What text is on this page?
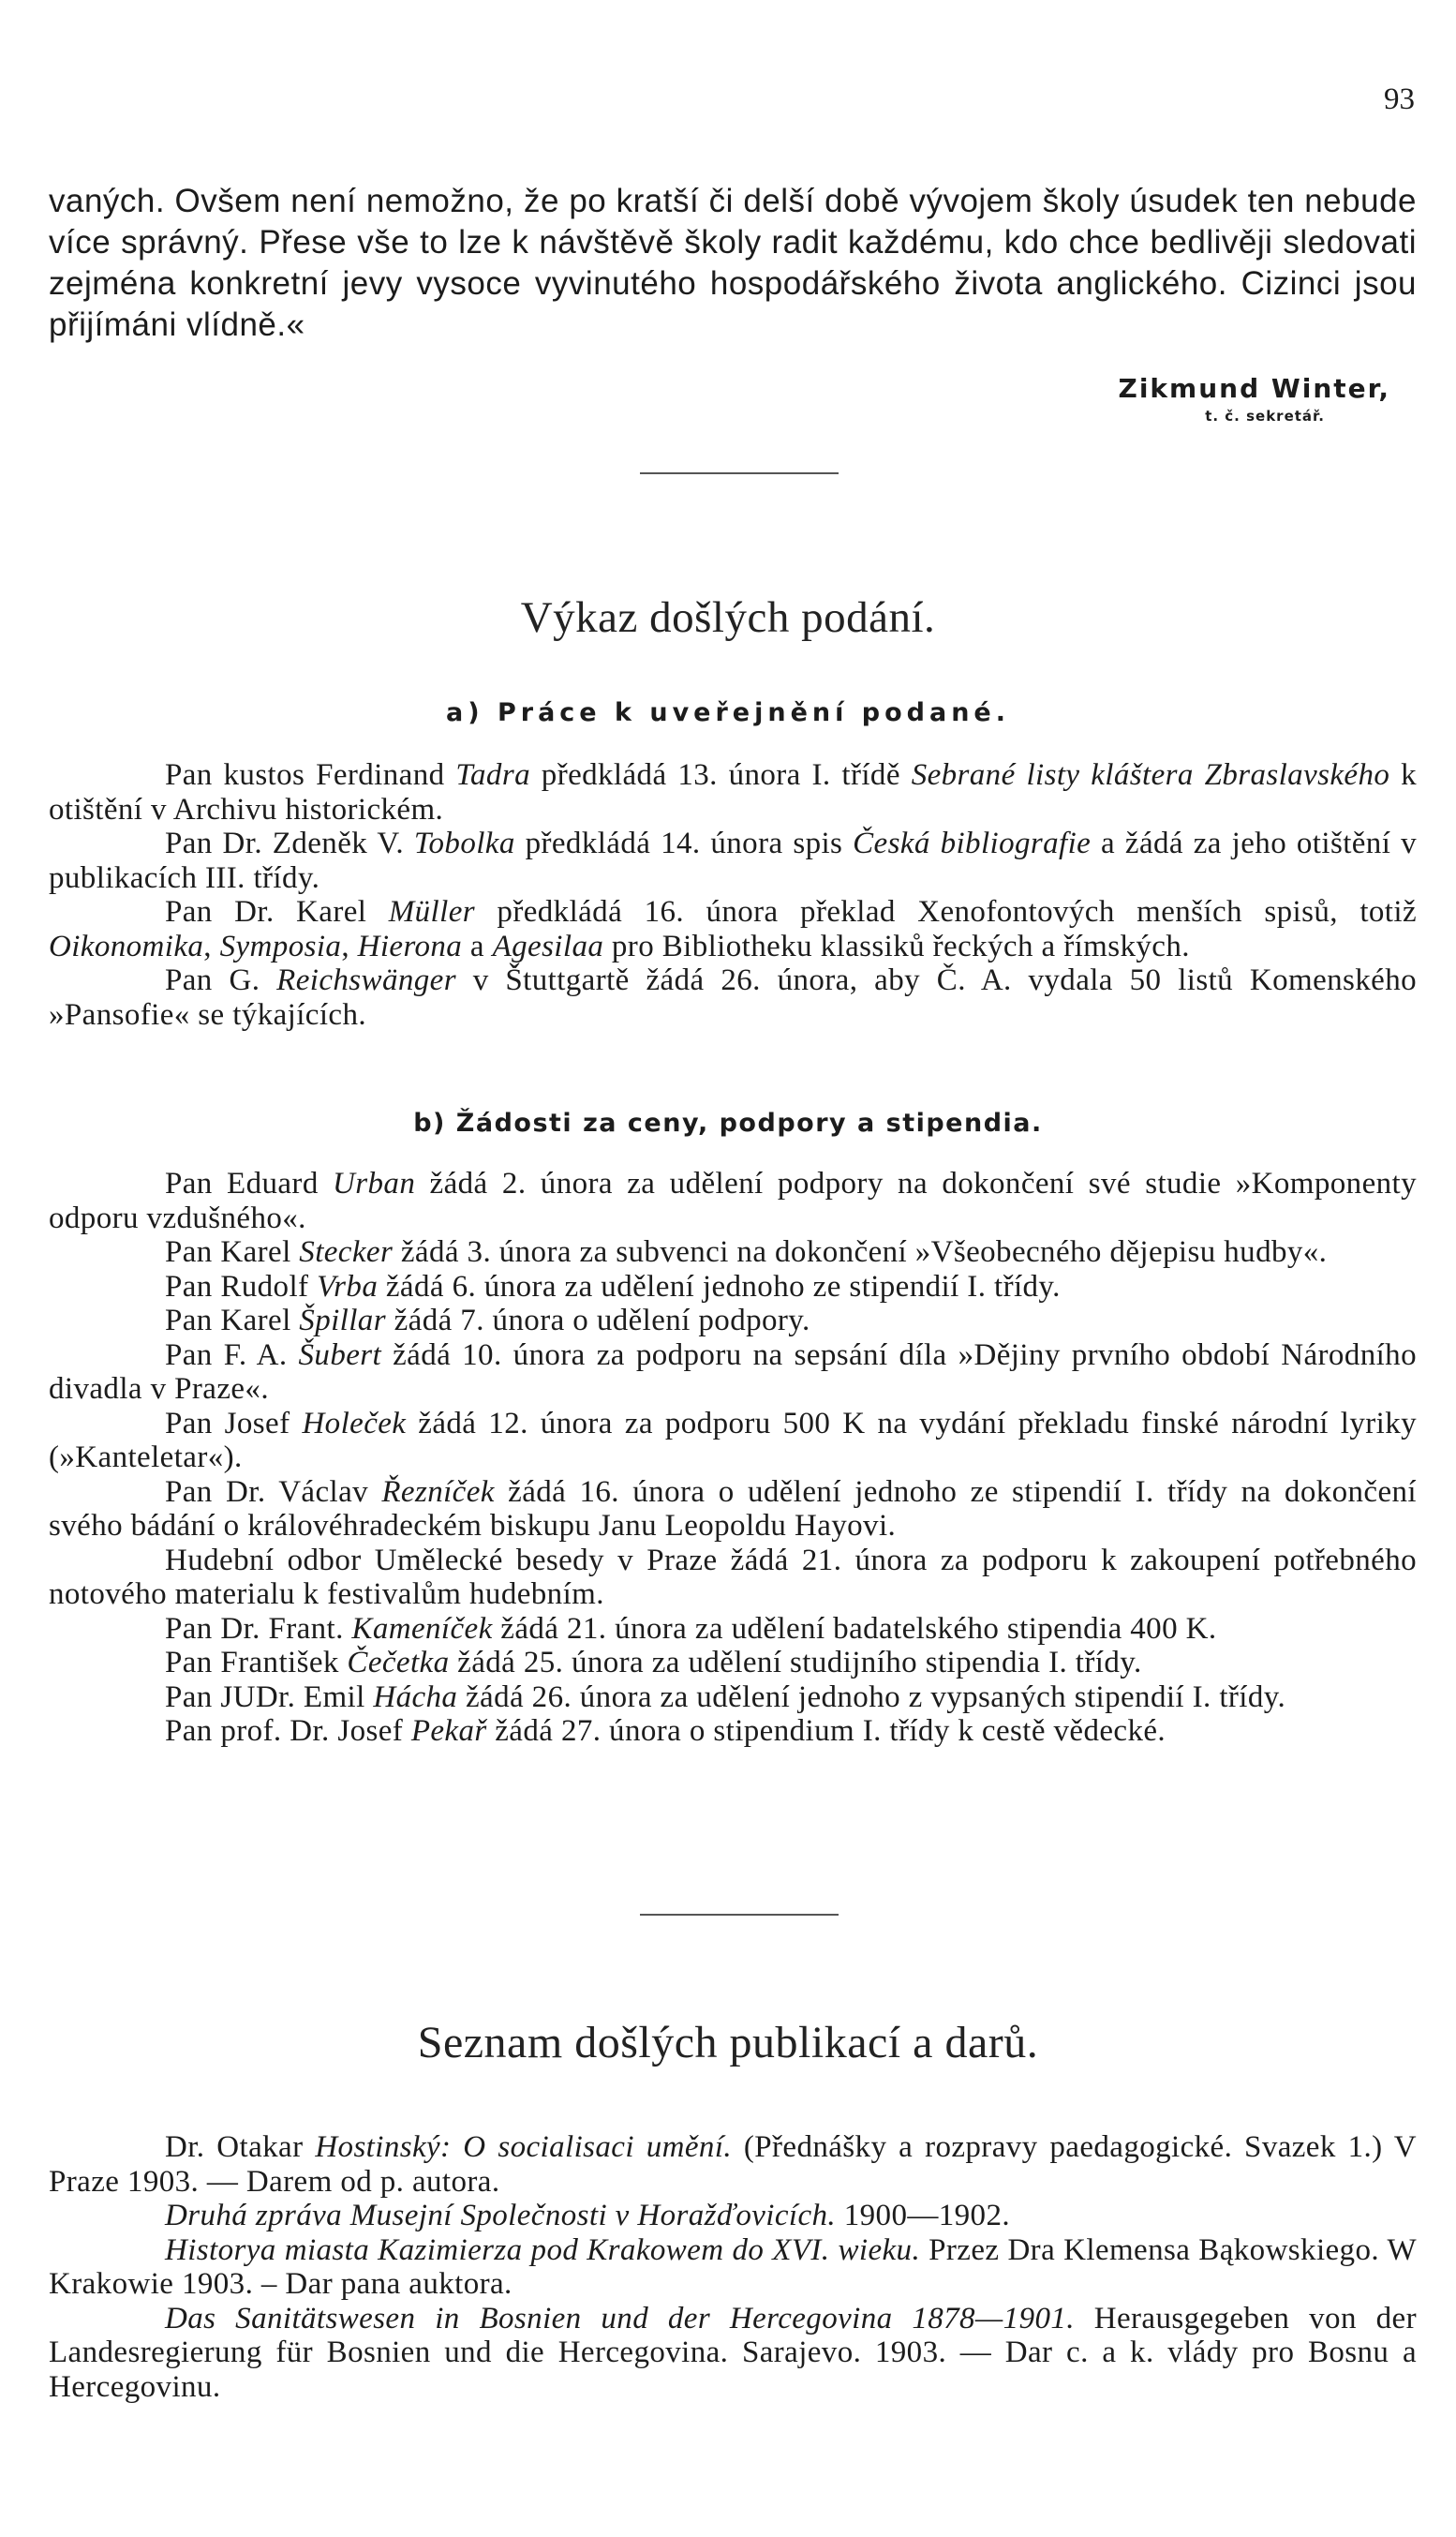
93

vaných. Ovšem není nemožno, že po kratší či delší době vývojem školy úsudek ten nebude více správný. Přese vše to lze k návštěvě školy radit každému, kdo chce bedlivěji sledovati zejména konkretní jevy vysoce vyvinutého hospodářského života anglického. Cizinci jsou přijímáni vlídně.«

Zikmund Winter,
t. č. sekretář.
Výkaz došlých podání.
a) Práce k uveřejnění podané.

Pan kustos Ferdinand Tadra předkládá 13. února I. třídě Sebrané listy kláštera Zbraslavského k otištění v Archivu historickém.

Pan Dr. Zdeněk V. Tobolka předkládá 14. února spis Česká bibliografie a žádá za jeho otištění v publikacích III. třídy.

Pan Dr. Karel Müller předkládá 16. února překlad Xenofontových menších spisů, totiž Oikonomika, Symposia, Hierona a Agesilaa pro Bibliotheku klassiků řeckých a římských.

Pan G. Reichswänger v Štuttgartě žádá 26. února, aby Č. A. vydala 50 listů Komenského »Pansofie« se týkajících.

b) Žádosti za ceny, podpory a stipendia.

Pan Eduard Urban žádá 2. února za udělení podpory na dokončení své studie »Komponenty odporu vzdušného«.

Pan Karel Stecker žádá 3. února za subvenci na dokončení »Všeobecného dějepisu hudby«.

Pan Rudolf Vrba žádá 6. února za udělení jednoho ze stipendií I. třídy.

Pan Karel Špillar žádá 7. února o udělení podpory.

Pan F. A. Šubert žádá 10. února za podporu na sepsání díla »Dějiny prvního období Národního divadla v Praze«.

Pan Josef Holeček žádá 12. února za podporu 500 K na vydání překladu finské národní lyriky (»Kanteletar«).

Pan Dr. Václav Řezníček žádá 16. února o udělení jednoho ze stipendií I. třídy na dokončení svého bádání o královéhradeckém biskupu Janu Leopoldu Hayovi.

Hudební odbor Umělecké besedy v Praze žádá 21. února za podporu k zakoupení potřebného notového materialu k festivalům hudebním.

Pan Dr. Frant. Kameníček žádá 21. února za udělení badatelského stipendia 400 K.

Pan František Čečetka žádá 25. února za udělení studijního stipendia I. třídy.

Pan JUDr. Emil Hácha žádá 26. února za udělení jednoho z vypsaných stipendií I. třídy.

Pan prof. Dr. Josef Pekař žádá 27. února o stipendium I. třídy k cestě vědecké.

Seznam došlých publikací a darů.

Dr. Otakar Hostinský: O socialisaci umění. (Přednášky a rozpravy paedagogické. Svazek 1.) V Praze 1903. — Darem od p. autora.

Druhá zpráva Musejní Společnosti v Horažďovicích. 1900—1902.

Historya miasta Kazimierza pod Krakowem do XVI. wieku. Przez Dra Klemensa Bąkowskiego. W Krakowie 1903. – Dar pana auktora.

Das Sanitätswesen in Bosnien und der Hercegovina 1878—1901. Herausgegeben von der Landesregierung für Bosnien und die Hercegovina. Sarajevo. 1903. — Dar c. a k. vlády pro Bosnu a Hercegovinu.
